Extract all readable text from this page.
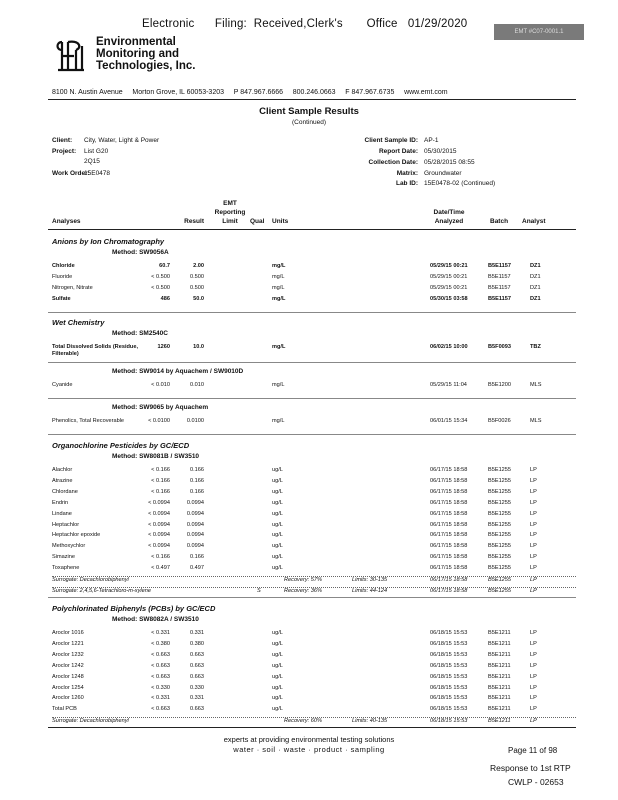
Electronic      Filing:  Received,Clerk's       Office   01/29/2020
EMT #C07-0001.1
Environmental
Monitoring and
Technologies, Inc.
8100 N. Austin Avenue     Morton Grove, IL 60053-3203     P 847.967.6666     800.246.0663     F 847.967.6735     www.emt.com
Client Sample Results
(Continued)
Client: City, Water, Light & Power
Project: List G20
2Q15
Work Order:
15E0478
Client Sample ID: AP-1
Report Date: 05/30/2015
Collection Date: 05/28/2015 08:55
Matrix: Groundwater
Lab ID: 15E0478-02 (Continued)
Analyses	Result
EMT
Reporting
Limit	Qual Units
Date/Time
Analyzed	Batch Analyst
Anions by Ion Chromatography
Method: SW9056A
Chloride	60.7	2.00	mg/L	05/29/15 00:21	B5E1157	DZ1
Fluoride	< 0.500	0.500	mg/L	05/29/15 00:21	B5E1157	DZ1
Nitrogen, Nitrate	< 0.500	0.500	mg/L	05/29/15 00:21	B5E1157	DZ1
Sulfate	486	50.0	mg/L	05/30/15 03:58	B5E1157	DZ1
Wet Chemistry
Method: SM2540C
Total Dissolved Solids (Residue,	1260	10.0	mg/L	06/02/15 10:00	B5F0093	TBZ
Filterable)
Method: SW9014 by Aquachem / SW9010D
Cyanide	< 0.010	0.010	mg/L	05/29/15 11:04	B5E1200	MLS
Method: SW9065 by Aquachem
Phenolics, Total Recoverable	< 0.0100	0.0100	mg/L	06/01/15 15:34	B5F0026	MLS
Organochlorine Pesticides by GC/ECD
Method: SW8081B / SW3510
Alachlor	< 0.166	0.166	ug/L	06/17/15 18:58	B5E1255	LP
Atrazine	< 0.166	0.166	ug/L	06/17/15 18:58	B5E1255	LP
Chlordane	< 0.166	0.166	ug/L	06/17/15 18:58	B5E1255	LP
Endrin	< 0.0994	0.0994	ug/L	06/17/15 18:58	B5E1255	LP
Lindane	< 0.0994	0.0994	ug/L	06/17/15 18:58	B5E1255	LP
Heptachlor	< 0.0994	0.0994	ug/L	06/17/15 18:58	B5E1255	LP
Heptachlor epoxide	< 0.0994	0.0994	ug/L	06/17/15 18:58	B5E1255	LP
Methoxychlor	< 0.0994	0.0994	ug/L	06/17/15 18:58	B5E1255	LP
Simazine	< 0.166	0.166	ug/L	06/17/15 18:58	B5E1255	LP
Toxaphene	< 0.497	0.497	ug/L	06/17/15 18:58	B5E1255	LP
Surrogate: Decachlorobiphenyl	06/17/15 18:58	B5E1255	LP
Recovery: 57%	Limits: 30-135
Surrogate: 2,4,5,6-Tetrachloro-m-xylene	S	06/17/15 18:58	B5E1255	LP
Recovery: 36%	Limits: 44-124
Polychlorinated Biphenyls (PCBs) by GC/ECD
Method: SW8082A / SW3510
Aroclor 1016	< 0.331	0.331	ug/L	06/18/15 15:53	B5E1211	LP
Aroclor 1221	< 0.380	0.380	ug/L	06/18/15 15:53	B5E1211	LP
Aroclor 1232	< 0.663	0.663	ug/L	06/18/15 15:53	B5E1211	LP
Aroclor 1242	< 0.663	0.663	ug/L	06/18/15 15:53	B5E1211	LP
Aroclor 1248	< 0.663	0.663	ug/L	06/18/15 15:53	B5E1211	LP
Aroclor 1254	< 0.330	0.330	ug/L	06/18/15 15:53	B5E1211	LP
Aroclor 1260	< 0.331	0.331	ug/L	06/18/15 15:53	B5E1211	LP
Total PCB	< 0.663	0.663	ug/L	06/18/15 15:53	B5E1211	LP
Surrogate: Decachlorobiphenyl	06/18/15 15:53	B5E1211	LP
Recovery: 60%	Limits: 40-135
experts at providing environmental testing solutions
water · soil · waste · product · sampling	Page 11 of 98
Response to 1st RTP
CWLP - 02653
